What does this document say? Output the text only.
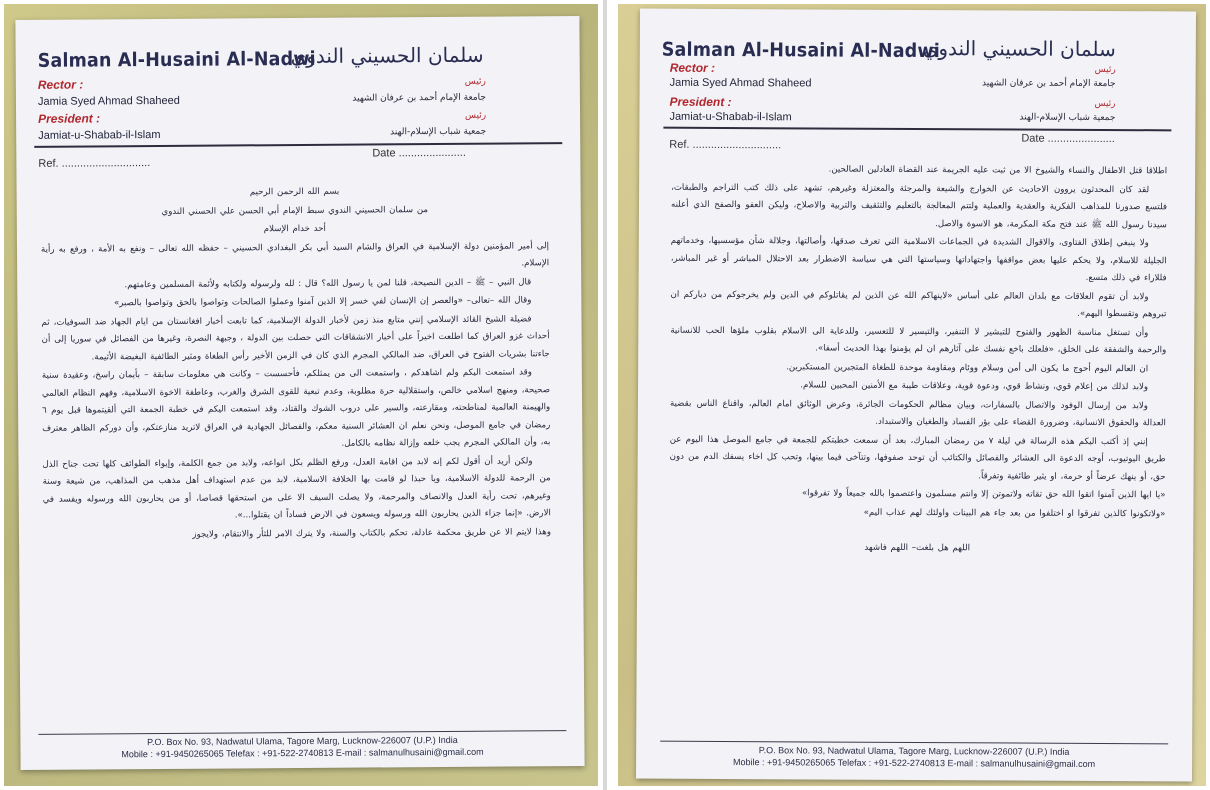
Salman Al-Husaini Al-Nadwi
سلمان الحسيني الندوي
Rector :
Jamia Syed Ahmad Shaheed
رئيس
جامعة الإمام أحمد بن عرفان الشهيد
President :
Jamiat-u-Shabab-il-Islam
رئيس
جمعية شباب الإسلام-الهند
Ref. .............................
Date ......................

بسم الله الرحمن الرحيم

من سلمان الحسيني الندوي سبط الإمام أبي الحسن علي الحسني الندوي

أحد خدام الإسلام

إلى أمير المؤمنين دولة الإسلامية في العراق والشام السيد أبي بكر البغدادي الحسيني – حفظه الله تعالى – ونفع به الأمة ، ورفع به رأية الإسلام.

قال النبي – ﷺ – الدين النصيحة، قلنا لمن يا رسول الله؟ قال : لله ولرسوله ولكتابه ولأئمة المسلمين وعامتهم.

وقال الله –تعالى– «والعصر إن الإنسان لفي خسر إلا الذين آمنوا وعملوا الصالحات وتواصوا بالحق وتواصوا بالصبر»

فضيلة الشيخ القائد الإسلامي إنني متابع منذ زمن لأخبار الدولة الإسلامية، كما تابعت أخبار افغانستان من ايام الجهاد ضد السوفيات، ثم أحداث غزو العراق كما اطلعت اخيراً على أخبار الانشقاقات التي حصلت بين الدولة ، وجبهة النصرة، وغيرها من الفصائل في سوريا إلى أن جاءتنا بشريات الفتوح في العراق، ضد المالكي المجرم الذي كان في الزمن الأخير رأس الطغاة ومثير الطائفية البغيضة الأثيمة.

وقد استمعت اليكم ولم اشاهدكم ، واستمعت الى من يمثلكم، فأحسست – وكانت هي معلومات سابقة – بأيمان راسخ، وعقيدة سنية صحيحة، ومنهج اسلامي خالص، واستقلالية حرة مطلوبة، وعدم تبعية للقوى الشرق والغرب، وعاطفة الاخوة الاسلامية، وفهم النظام العالمي والهيمنة العالمية لمناطحته، ومقارعته، والسير على دروب الشوك والقتاد، وقد استمعت اليكم في خطبة الجمعة التي ألقيتموها قبل يوم ٦ رمضان في جامع الموصل، ونحن نعلم ان العشائر السنية معكم، والفصائل الجهادية في العراق لاتريد منازعتكم، وأن دوركم الظاهر معترف به، وأن المالكي المجرم يجب خلعه وإزالة نظامه بالكامل.

ولكن أريد أن أقول لكم إنه لابد من اقامة العدل، ورفع الظلم بكل انواعه، ولابد من جمع الكلمة، وإيواء الطوائف كلها تحت جناح الذل من الرحمة للدولة الاسلامية، ويا حبذا لو قامت بها الخلافة الاسلامية، لابد من عدم استهداف أهل مذهب من المذاهب، من شيعة وسنة وغيرهم، تحت رأية العدل والانصاف والمرحمة، ولا يصلت السيف الا على من استحقها قصاصا، أو من يحاربون الله ورسوله ويفسد في الارض. «إنما جزاء الذين يحاربون الله ورسوله ويسعون في الارض فساداً ان يقتلوا...».

وهذا لايتم الا عن طريق محكمة عادلة، تحكم بالكتاب والسنة، ولا يترك الامر للثأر والانتقام، ولايجوز

P.O. Box No. 93, Nadwatul Ulama, Tagore Marg, Lucknow-226007 (U.P.) India
Mobile : +91-9450265065 Telefax : +91-522-2740813 E-mail : salmanulhusaini@gmail.com
Salman Al-Husaini Al-Nadwi
سلمان الحسيني الندوي
Rector :
Jamia Syed Ahmad Shaheed
رئيس
جامعة الإمام أحمد بن عرفان الشهيد
President :
Jamiat-u-Shabab-il-Islam
رئيس
جمعية شباب الإسلام-الهند
Ref. .............................	Date ......................

اطلاقا قتل الاطفال والنساء والشيوخ الا من ثبت عليه الجريمة عند القضاة العادلين الصالحين.

لقد كان المحدثون يروون الاحاديث عن الخوارج والشيعة والمرجئة والمعتزلة وغيرهم، تشهد على ذلك كتب التراجم والطبقات، فلتسع صدورنا للمذاهب الفكرية والعقدية والعملية ولتتم المعالجة بالتعليم والتثقيف والتربية والاصلاح، وليكن العفو والصفح الذي أعلنه سيدنا رسول الله ﷺ عند فتح مكة المكرمة، هو الاسوة والاصل.

ولا ينبغي إطلاق الفتاوى، والاقوال الشديدة في الجماعات الاسلامية التي تعرف صدقها، وأصالتها، وجلالة شأن مؤسسيها، وخدماتهم الجليلة للاسلام، ولا يحكم عليها بعض مواقفها واجتهاداتها وسياستها التي هي سياسة الاضطرار بعد الاحتلال المباشر أو غير المباشر، فللاراء في ذلك متسع.

ولابد أن تقوم العلاقات مع بلدان العالم على أساس «لاينهاكم الله عن الذين لم يقاتلوكم في الدين ولم يخرجوكم من دياركم ان تبروهم وتقسطوا اليهم».

وأن تستغل مناسبة الظهور والفتوح للتبشير لا التنفير، والتيسير لا للتعسير، وللدعاية الى الاسلام بقلوب ملؤها الحب للانسانية والرحمة والشفقة على الخلق، «فلعلك باخع نفسك على آثارهم ان لم يؤمنوا بهذا الحديث أسفا».

ان العالم اليوم أحوج ما يكون الى أمن وسلام ووئام ومقاومة موحدة للطغاة المتجبرين المستكبرين.

ولابد لذلك من إعلام قوي، ونشاط قوي، ودعوة قوية، وعلاقات طيبة مع الأمنين المحبين للسلام.

ولابد من إرسال الوفود والاتصال بالسفارات، وبيان مظالم الحكومات الجائرة، وعرض الوثائق امام العالم، واقناع الناس بقضية العدالة والحقوق الانسانية، وضرورة القضاء على بؤر الفساد والطغيان والاستبداد.

إنني إذ أكتب اليكم هذه الرسالة في ليلة ٧ من رمضان المبارك، بعد أن سمعت خطبتكم للجمعة في جامع الموصل هذا اليوم عن طريق اليوتيوب، أوجه الدعوة الى العشائر والفصائل والكتائب أن توحد صفوفها، وتتآخى فيما بينها، وتحب كل اخاء يسفك الدم من دون حق، أو ينهك عرضاً أو حرمة، او يثير طائفية وتفرقاً.

«يا ايها الذين آمنوا اتقوا الله حق تقاته ولاتموتن إلا وانتم مسلمون واعتصموا بالله جميعاً ولا تفرقوا»

«ولاتكونوا كالذين تفرقوا او اختلفوا من بعد جاء هم البينات واولئك لهم عذاب اليم»

اللهم هل بلغت– اللهم فاشهد

P.O. Box No. 93, Nadwatul Ulama, Tagore Marg, Lucknow-226007 (U.P.) India
Mobile : +91-9450265065 Telefax : +91-522-2740813 E-mail : salmanulhusaini@gmail.com
